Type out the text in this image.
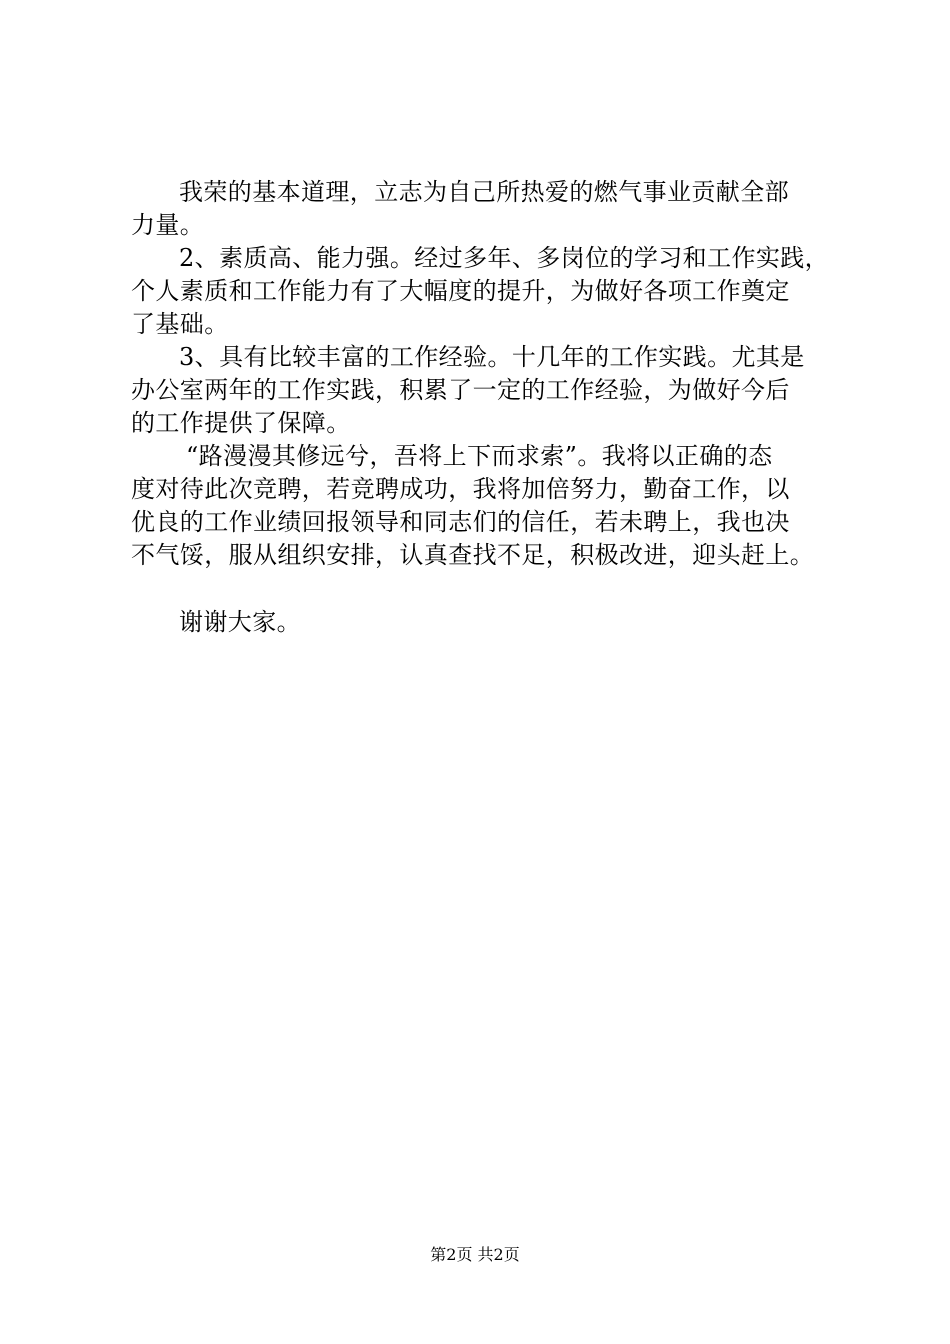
我荣的基本道理，立志为自己所热爱的燃气事业贡献全部
力量。
2、素质高、能力强。经过多年、多岗位的学习和工作实践，
个人素质和工作能力有了大幅度的提升，为做好各项工作奠定
了基础。
3、具有比较丰富的工作经验。十几年的工作实践。尤其是
办公室两年的工作实践，积累了一定的工作经验，为做好今后
的工作提供了保障。
“路漫漫其修远兮，吾将上下而求索”。我将以正确的态
度对待此次竞聘，若竞聘成功，我将加倍努力，勤奋工作，以
优良的工作业绩回报领导和同志们的信任，若未聘上，我也决
不气馁，服从组织安排，认真查找不足，积极改进，迎头赶上。
谢谢大家。
第2页 共2页
